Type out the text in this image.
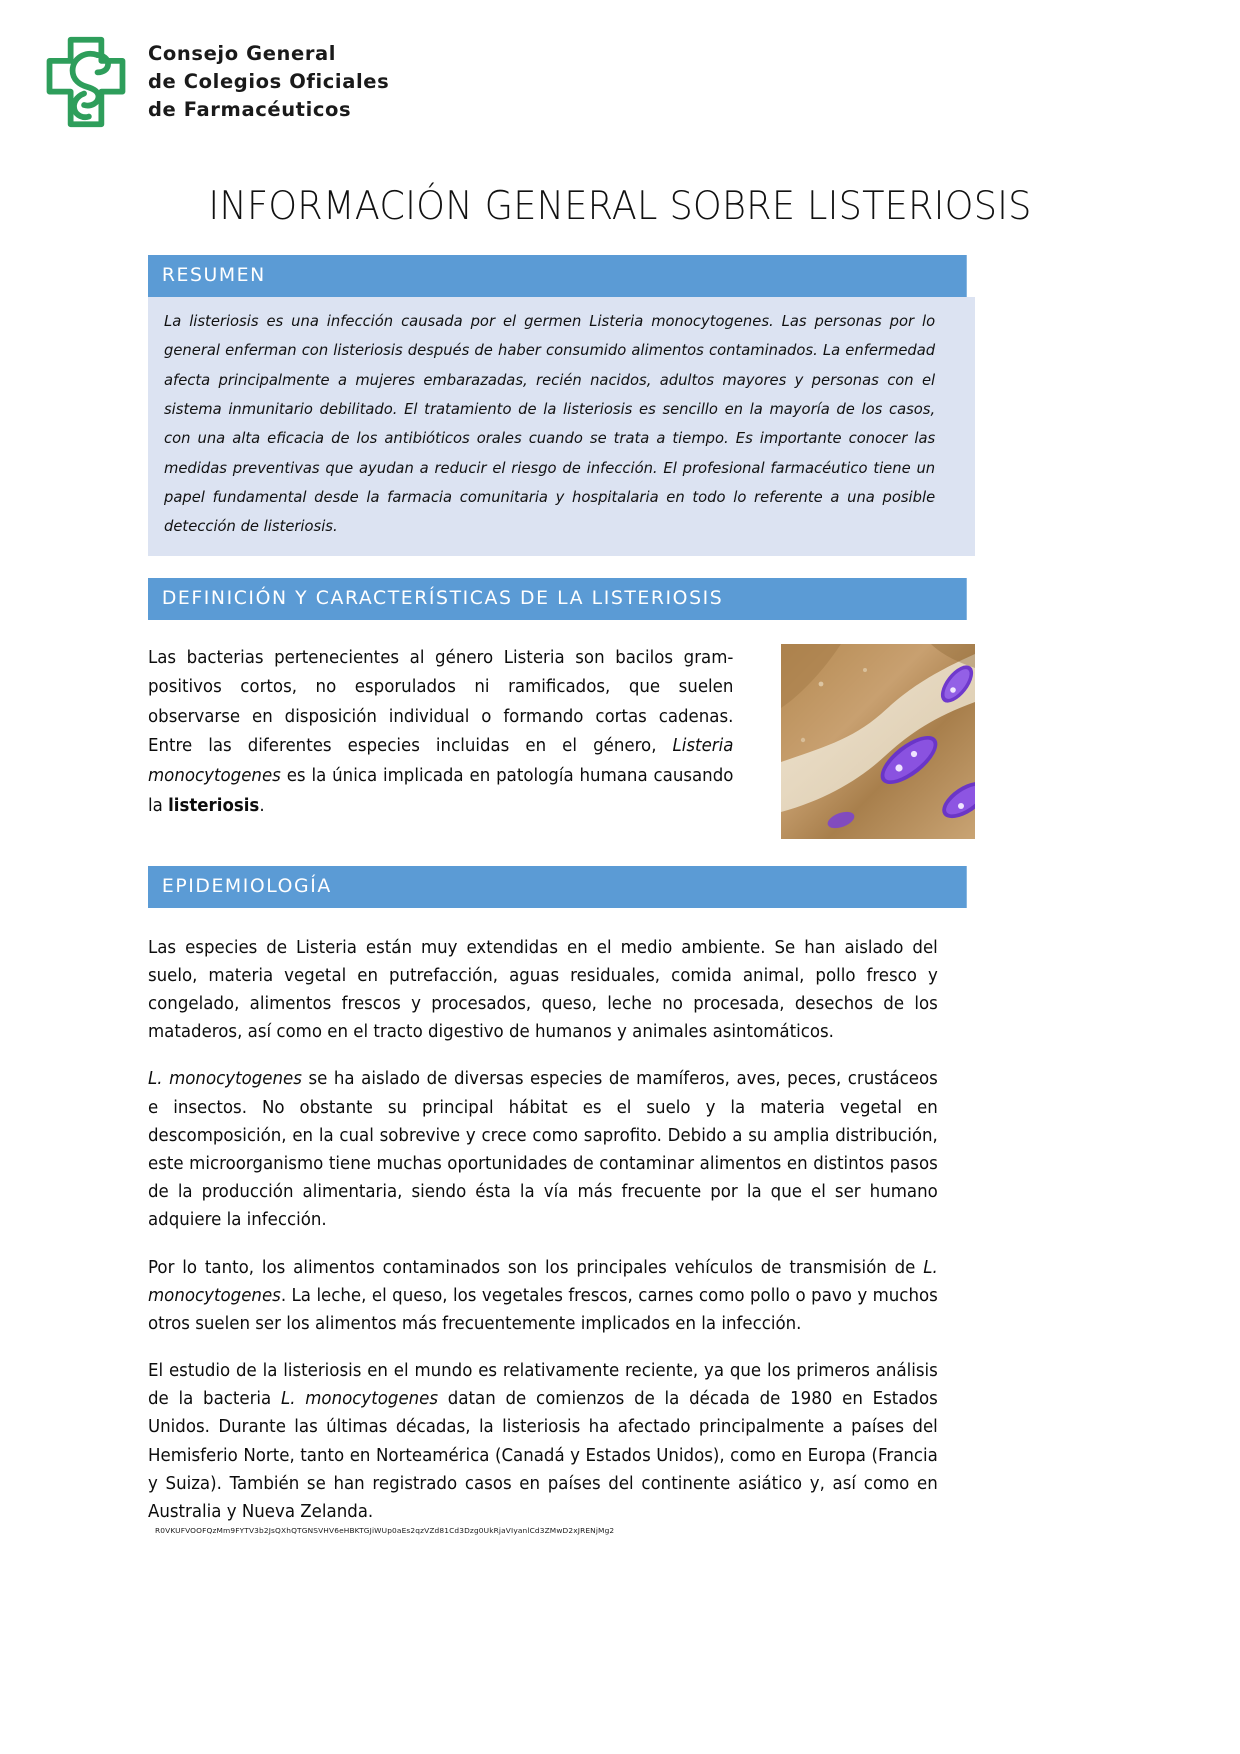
Consejo General
de Colegios Oficiales
de Farmacéuticos
INFORMACIÓN GENERAL SOBRE LISTERIOSIS
RESUMEN
La listeriosis es una infección causada por el germen Listeria monocytogenes. Las personas por lo general enferman con listeriosis después de haber consumido alimentos contaminados. La enfermedad afecta principalmente a mujeres embarazadas, recién nacidos, adultos mayores y personas con el sistema inmunitario debilitado. El tratamiento de la listeriosis es sencillo en la mayoría de los casos, con una alta eficacia de los antibióticos orales cuando se trata a tiempo. Es importante conocer las medidas preventivas que ayudan a reducir el riesgo de infección. El profesional farmacéutico tiene un papel fundamental desde la farmacia comunitaria y hospitalaria en todo lo referente a una posible detección de listeriosis.
DEFINICIÓN Y CARACTERÍSTICAS DE LA LISTERIOSIS
Las bacterias pertenecientes al género Listeria son bacilos gram-positivos cortos, no esporulados ni ramificados, que suelen observarse en disposición individual o formando cortas cadenas. Entre las diferentes especies incluidas en el género, Listeria monocytogenes es la única implicada en patología humana causando la listeriosis.
EPIDEMIOLOGÍA

Las especies de Listeria están muy extendidas en el medio ambiente. Se han aislado del suelo, materia vegetal en putrefacción, aguas residuales, comida animal, pollo fresco y congelado, alimentos frescos y procesados, queso, leche no procesada, desechos de los mataderos, así como en el tracto digestivo de humanos y animales asintomáticos.

L. monocytogenes se ha aislado de diversas especies de mamíferos, aves, peces, crustáceos e insectos. No obstante su principal hábitat es el suelo y la materia vegetal en descomposición, en la cual sobrevive y crece como saprofito. Debido a su amplia distribución, este microorganismo tiene muchas oportunidades de contaminar alimentos en distintos pasos de la producción alimentaria, siendo ésta la vía más frecuente por la que el ser humano adquiere la infección.

Por lo tanto, los alimentos contaminados son los principales vehículos de transmisión de L. monocytogenes. La leche, el queso, los vegetales frescos, carnes como pollo o pavo y muchos otros suelen ser los alimentos más frecuentemente implicados en la infección.

El estudio de la listeriosis en el mundo es relativamente reciente, ya que los primeros análisis de la bacteria L. monocytogenes datan de comienzos de la década de 1980 en Estados Unidos. Durante las últimas décadas, la listeriosis ha afectado principalmente a países del Hemisferio Norte, tanto en Norteamérica (Canadá y Estados Unidos), como en Europa (Francia y Suiza). También se han registrado casos en países del continente asiático y, así como en Australia y Nueva Zelanda.

R0VKUFVOOFQzMm9FYTV3b2JsQXhQTGNSVHV6eHBKTGJiWUp0aEs2qzVZd81Cd3Dzg0UkRjaVIyanlCd3ZMwD2xJRENjMg2
